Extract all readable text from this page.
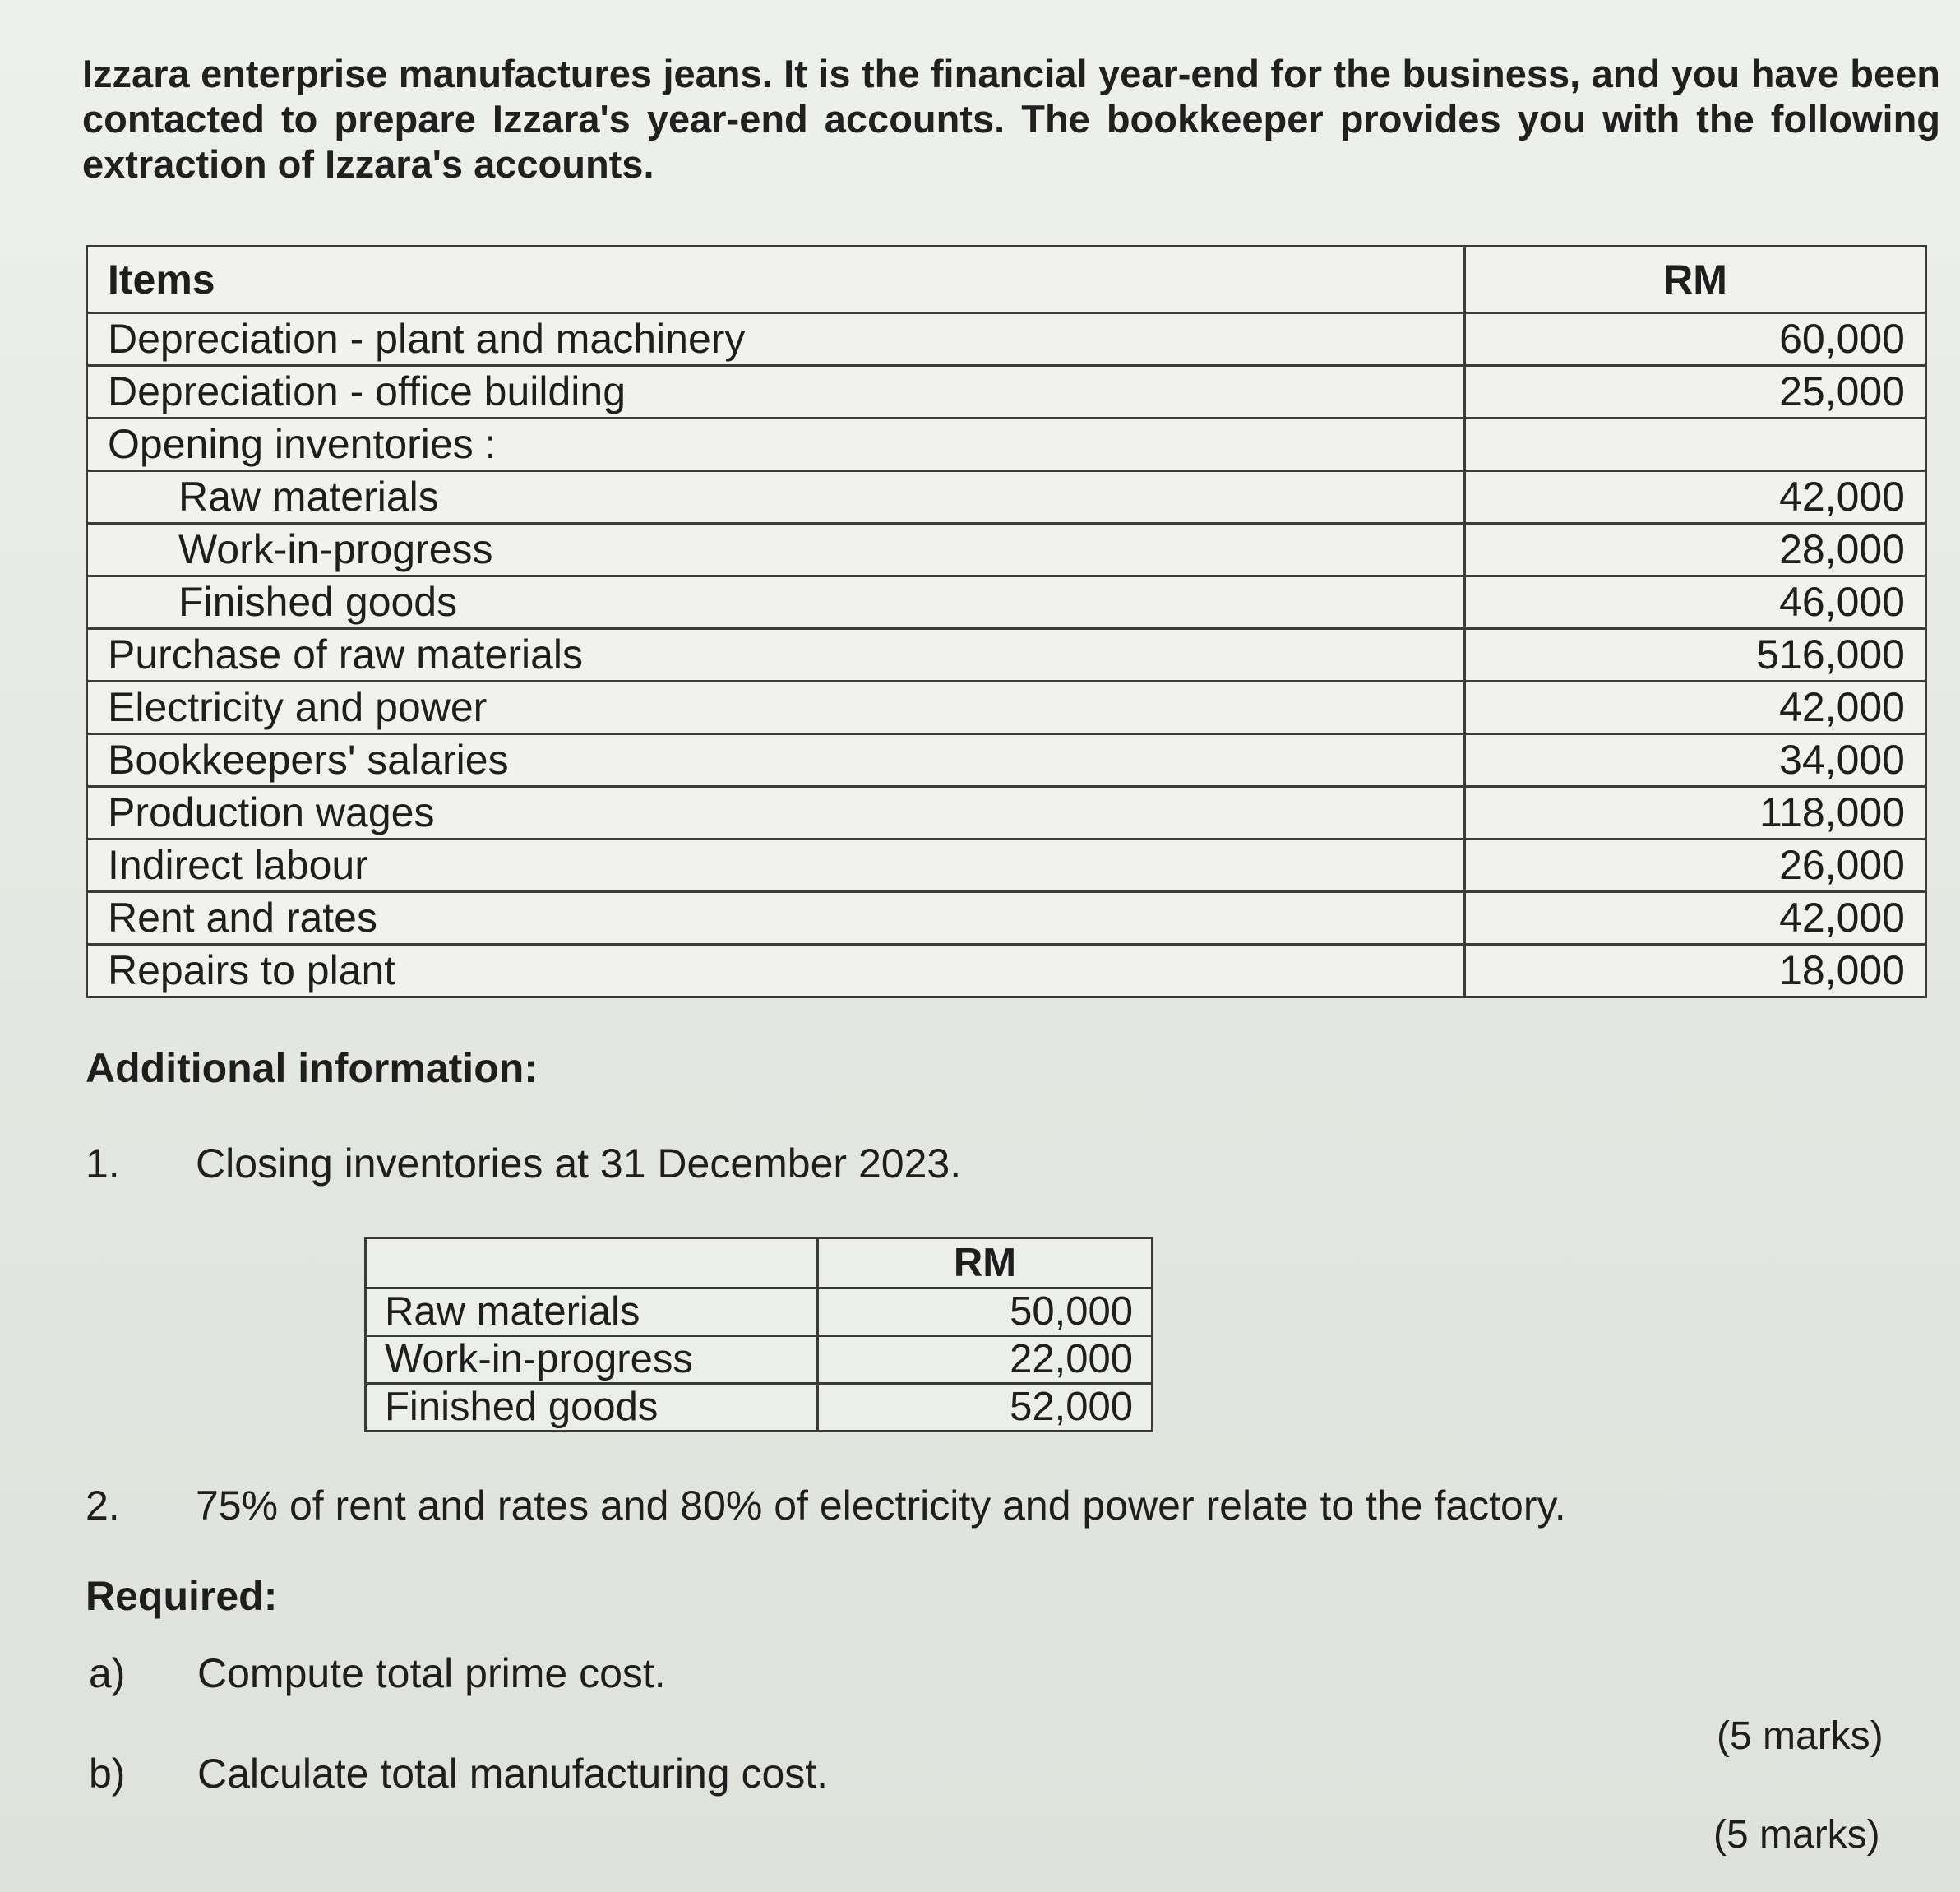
Izzara enterprise manufactures jeans. It is the financial year-end for the business, and you have been contacted to prepare Izzara's year-end accounts. The bookkeeper provides you with the following extraction of Izzara's accounts.

Items	RM
Depreciation - plant and machinery	60,000
Depreciation - office building	25,000
Opening inventories :	
Raw materials	42,000
Work-in-progress	28,000
Finished goods	46,000
Purchase of raw materials	516,000
Electricity and power	42,000
Bookkeepers' salaries	34,000
Production wages	118,000
Indirect labour	26,000
Rent and rates	42,000
Repairs to plant	18,000
Additional information:
1. Closing inventories at 31 December 2023.
	RM
Raw materials	50,000
Work-in-progress	22,000
Finished goods	52,000
2. 75% of rent and rates and 80% of electricity and power relate to the factory.
Required:
a) Compute total prime cost.
(5 marks)
b) Calculate total manufacturing cost.
(5 marks)
